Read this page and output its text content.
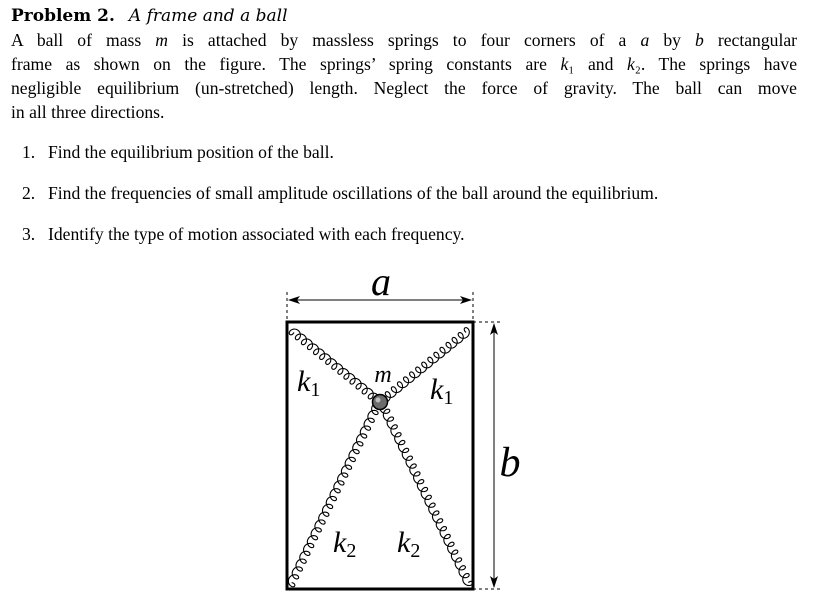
Problem 2. A frame and a ball

A ball of mass m is attached by massless springs to four corners of a a by b rectangular
frame as shown on the figure. The springs’ spring constants are k₁ and k₂. The springs have
negligible equilibrium (un-stretched) length. Neglect the force of gravity. The ball can move
in all three directions.

1. Find the equilibrium position of the ball.
2. Find the frequencies of small amplitude oscillations of the ball around the equilibrium.
3. Identify the type of motion associated with each frequency.
a
b
m
k1	k1
k2 k2
